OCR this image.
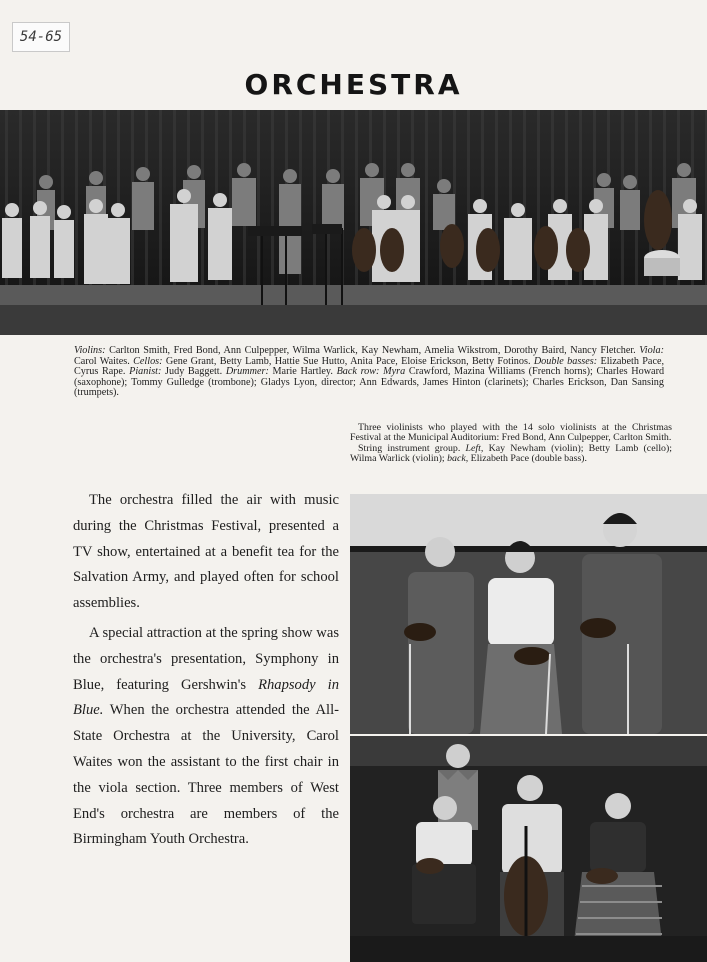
54-65
ORCHESTRA
Violins: Carlton Smith, Fred Bond, Ann Culpepper, Wilma Warlick, Kay Newham, Amelia Wikstrom, Dorothy Baird, Nancy Fletcher. Viola: Carol Waites. Cellos: Gene Grant, Betty Lamb, Hattie Sue Hutto, Anita Pace, Eloise Erickson, Betty Fotinos. Double basses: Elizabeth Pace, Cyrus Rape. Pianist: Judy Baggett. Drummer: Marie Hartley. Back row: Myra Crawford, Mazina Williams (French horns); Charles Howard (saxophone); Tommy Gulledge (trombone); Gladys Lyon, director; Ann Edwards, James Hinton (clarinets); Charles Erickson, Dan Sansing (trumpets).

Three violinists who played with the 14 solo violinists at the Christmas Festival at the Municipal Auditorium: Fred Bond, Ann Culpepper, Carlton Smith.

String instrument group. Left, Kay Newham (violin); Betty Lamb (cello); Wilma Warlick (violin); back, Elizabeth Pace (double bass).

The orchestra filled the air with music during the Christmas Festival, presented a TV show, entertained at a benefit tea for the Salvation Army, and played often for school assemblies.

A special attraction at the spring show was the orchestra's presentation, Symphony in Blue, featuring Gershwin's Rhapsody in Blue. When the orchestra attended the All-State Orchestra at the University, Carol Waites won the assistant to the first chair in the viola section. Three members of West End's orchestra are members of the Birmingham Youth Orchestra.
